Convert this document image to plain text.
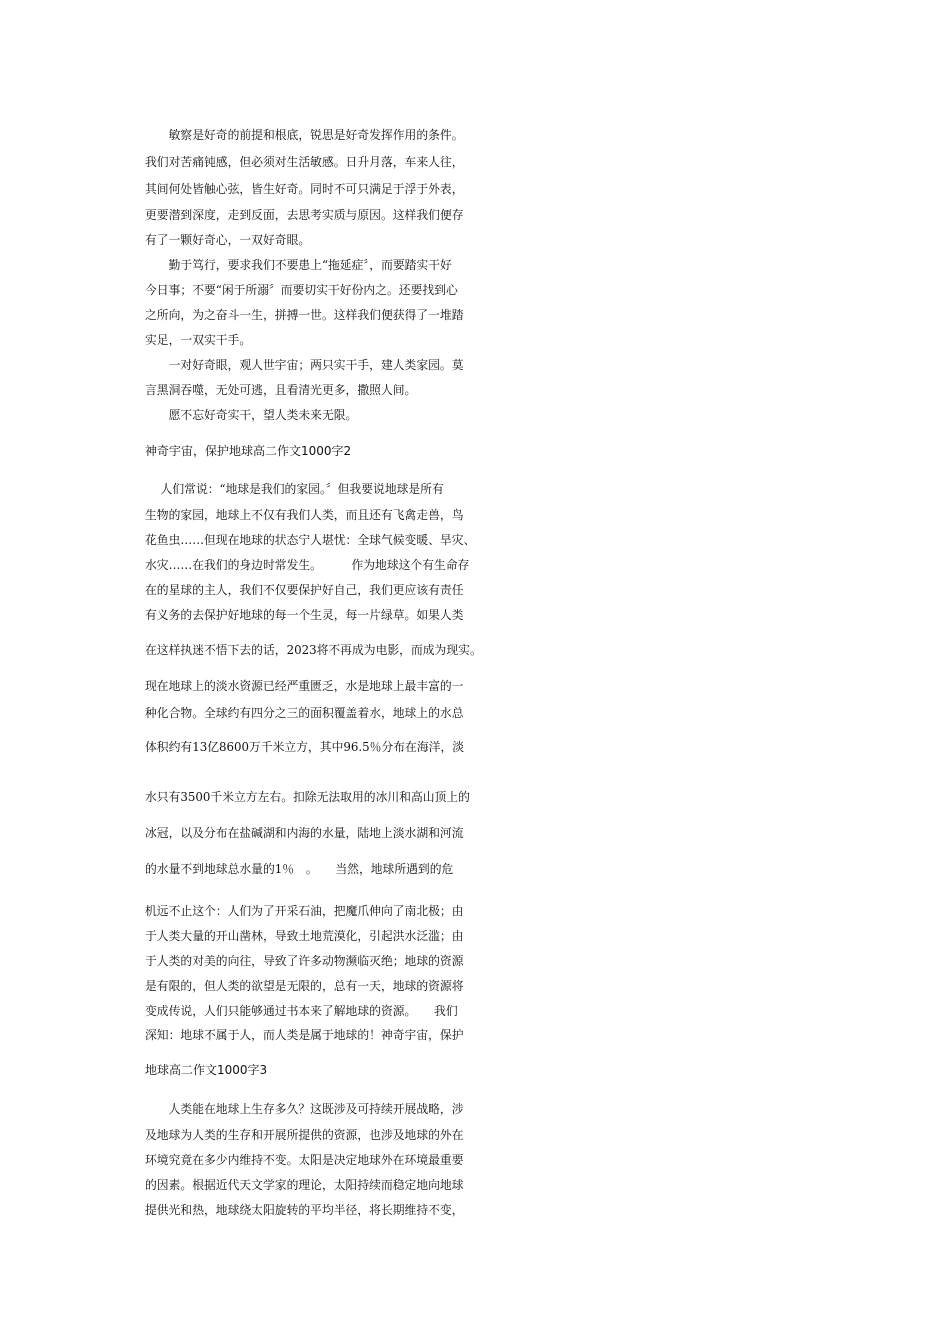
　　敏察是好奇的前提和根底，锐思是好奇发挥作用的条件。
我们对苦痛钝感，但必须对生活敏感。日升月落，车来人往，
其间何处皆触心弦，皆生好奇。同时不可只满足于浮于外表，
更要潜到深度，走到反面，去思考实质与原因。这样我们便存
有了一颗好奇心，一双好奇眼。
　　勤于笃行，要求我们不要患上“拖延症〞，而要踏实干好
今日事；不要“闲于所溺〞而要切实干好份内之。还要找到心
之所向，为之奋斗一生，拼搏一世。这样我们便获得了一堆踏
实足，一双实干手。
　　一对好奇眼，观人世宇宙；两只实干手，建人类家园。莫
言黑洞吞噬，无处可逃，且看清光更多，撒照人间。
　　愿不忘好奇实干，望人类未来无限。
神奇宇宙，保护地球高二作文1000字2
　 人们常说：“地球是我们的家园。〞但我要说地球是所有
生物的家园，地球上不仅有我们人类，而且还有飞禽走兽，鸟
花鱼虫……但现在地球的状态宁人堪忧：全球气候变暖、旱灾、
水灾……在我们的身边时常发生。　　　作为地球这个有生命存
在的星球的主人，我们不仅要保护好自己，我们更应该有责任
有义务的去保护好地球的每一个生灵，每一片绿草。如果人类
在这样执迷不悟下去的话，2023将不再成为电影，而成为现实。
现在地球上的淡水资源已经严重匮乏，水是地球上最丰富的一
种化合物。全球约有四分之三的面积覆盖着水，地球上的水总
体积约有13亿8600万千米立方，其中96.5％分布在海洋，淡
水只有3500千米立方左右。扣除无法取用的冰川和高山顶上的
冰冠，以及分布在盐碱湖和内海的水量，陆地上淡水湖和河流
的水量不到地球总水量的1％　。　　当然，地球所遇到的危
机远不止这个：人们为了开采石油，把魔爪伸向了南北极；由
于人类大量的开山凿林，导致土地荒漠化，引起洪水泛滥；由
于人类的对美的向往，导致了许多动物濒临灭绝；地球的资源
是有限的，但人类的欲望是无限的，总有一天，地球的资源将
变成传说，人们只能够通过书本来了解地球的资源。　　我们
深知：地球不属于人，而人类是属于地球的！神奇宇宙，保护
地球高二作文1000字3
　　人类能在地球上生存多久？这既涉及可持续开展战略，涉
及地球为人类的生存和开展所提供的资源，也涉及地球的外在
环境究竟在多少内维持不变。太阳是决定地球外在环境最重要
的因素。根据近代天文学家的理论，太阳持续而稳定地向地球
提供光和热，地球绕太阳旋转的平均半径，将长期维持不变，
